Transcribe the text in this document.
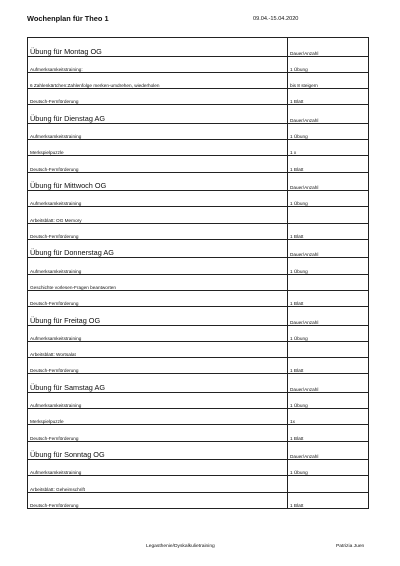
Wochenplan für Theo 1	09.04.-15.04.2020
Übung für Montag OG	Dauer/Anzahl
Aufmerksamkeitstraining:	1 Übung
6 Zahlenkärtchen:Zahlenfolge merken-umdrehen, wiederholen	bis 8 steigern
Deutsch-Fernförderung	1 Blatt
Übung für Dienstag AG	Dauer/Anzahl
Aufmerksamkeitstraining	1 Übung
Merkspielpuzzle	1 x
Deutsch-Fernförderung	1 Blatt
Übung für Mittwoch OG	Dauer/Anzahl
Aufmerksamkeitstraining	1 Übung
Arbeitsblatt: OG Memory	
Deutsch-Fernförderung	1 Blatt
Übung für Donnerstag AG	Dauer/Anzahl
Aufmerksamkeitstraining	1 Übung
Geschichte vorlesen-Fragen beantworten	
Deutsch-Fernförderung	1 Blatt
Übung für Freitag OG	Dauer/Anzahl
Aufmerksamkeitstraining	1 Übung
Arbeitsblatt: Wortsalat	
Deutsch-Fernförderung	1 Blatt
Übung für Samstag AG	Dauer/Anzahl
Aufmerksamkeitstraining	1 Übung
Merkspielpuzzle	1x
Deutsch-Fernförderung	1 Blatt
Übung für Sonntag OG	Dauer/Anzahl
Aufmerksamkeitstraining	1 Übung
Arbeitsblatt: Geheimschrift	
Deutsch-Fernförderung	1 Blatt
Legasthenie/Dyskalkulietraining	Patrizia Juen
